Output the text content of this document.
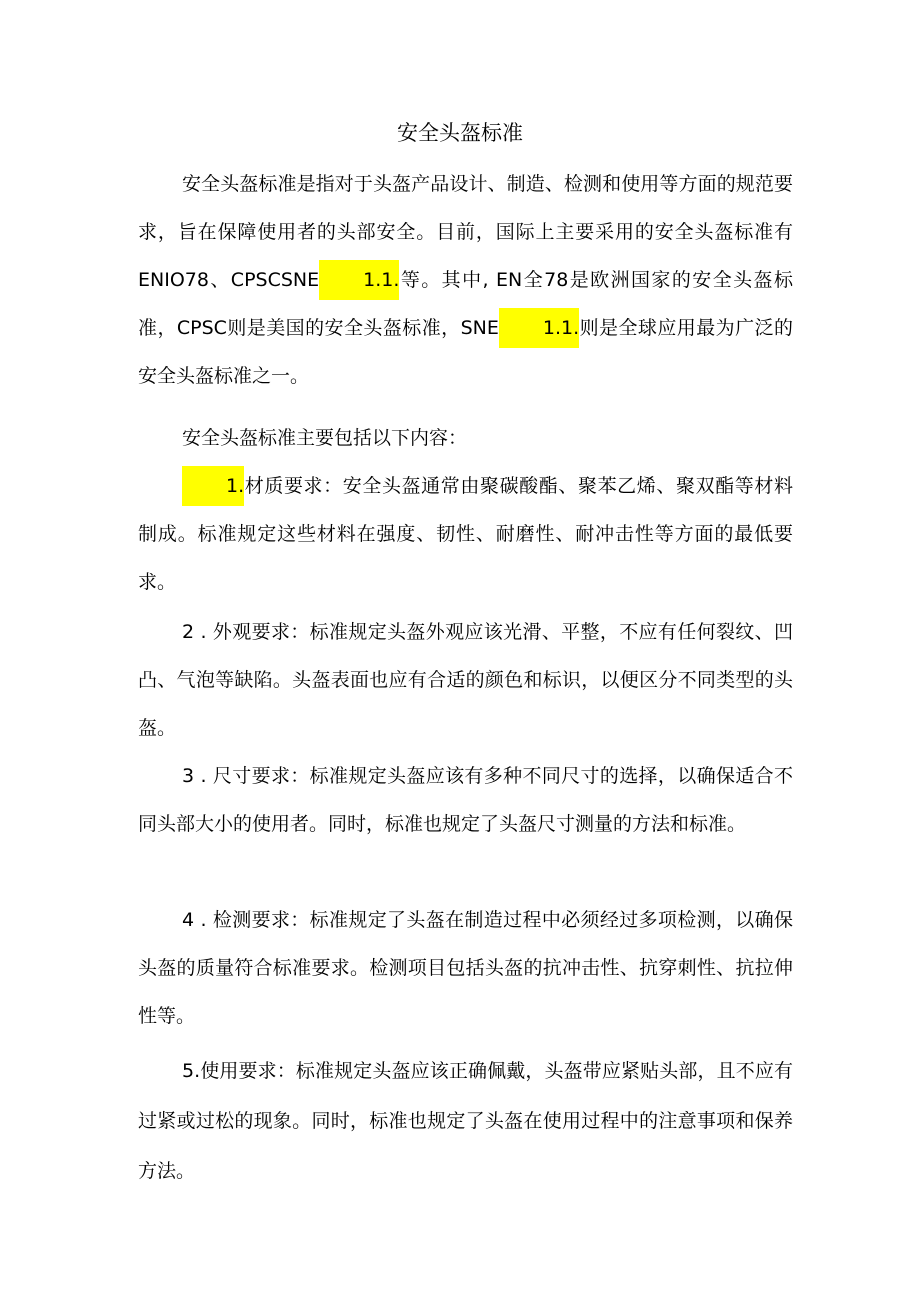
安全头盔标准

安全头盔标准是指对于头盔产品设计、制造、检测和使用等方面的规范要求，旨在保障使用者的头部安全。目前，国际上主要采用的安全头盔标准有ENIO78、CPSCSNE 1.1.等。其中, EN全78是欧洲国家的安全头盔标准，CPSC则是美国的安全头盔标准，SNE 1.1.则是全球应用最为广泛的安全头盔标准之一。

安全头盔标准主要包括以下内容：

1.材质要求：安全头盔通常由聚碳酸酯、聚苯乙烯、聚双酯等材料制成。标准规定这些材料在强度、韧性、耐磨性、耐冲击性等方面的最低要求。

2 . 外观要求：标准规定头盔外观应该光滑、平整，不应有任何裂纹、凹凸、气泡等缺陷。头盔表面也应有合适的颜色和标识，以便区分不同类型的头盔。

3 . 尺寸要求：标准规定头盔应该有多种不同尺寸的选择，以确保适合不同头部大小的使用者。同时，标准也规定了头盔尺寸测量的方法和标准。

4 . 检测要求：标准规定了头盔在制造过程中必须经过多项检测，以确保头盔的质量符合标准要求。检测项目包括头盔的抗冲击性、抗穿刺性、抗拉伸性等。

5.使用要求：标准规定头盔应该正确佩戴，头盔带应紧贴头部，且不应有过紧或过松的现象。同时，标准也规定了头盔在使用过程中的注意事项和保养方法。
